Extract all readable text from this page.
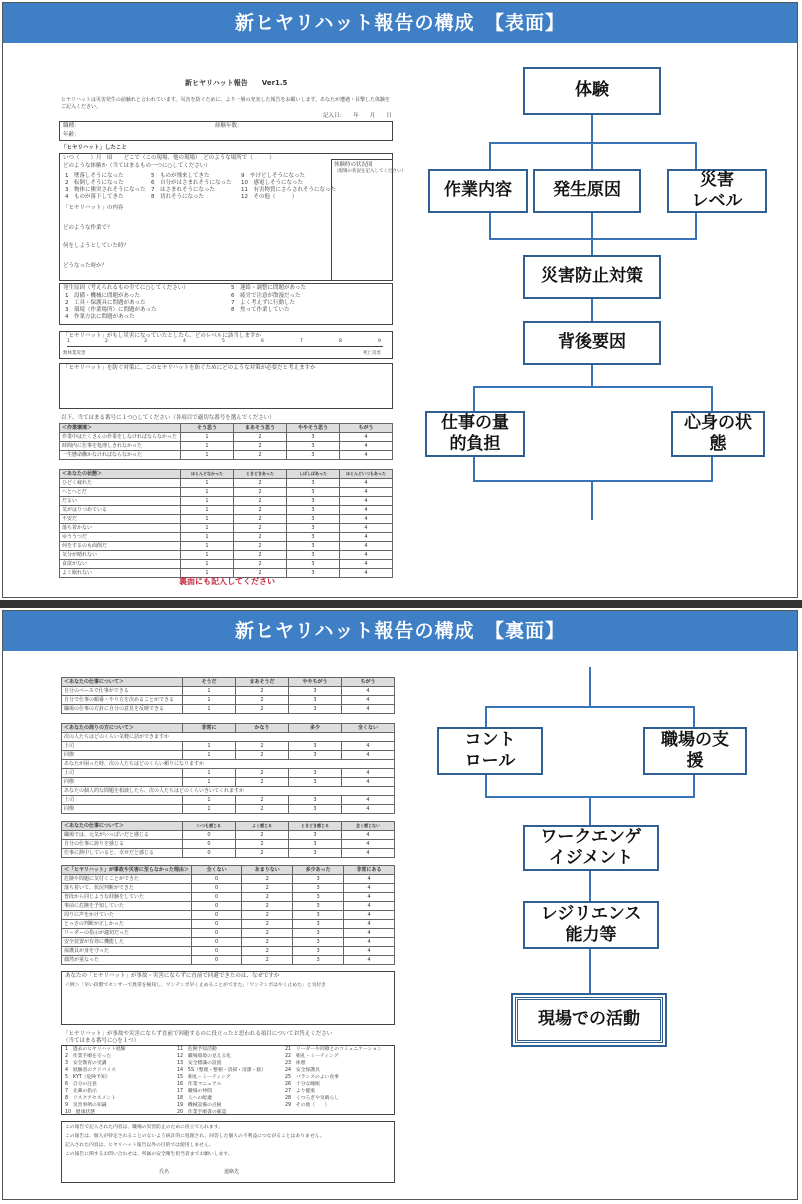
新ヒヤリハット報告の構成　【表面】
新ヒヤリハット報告　　Ver1.5
ヒヤリハットは災害発生の前触れと言われています。災害を防ぐために、より一層の充実した報告をお願いします。あなたが遭遇・目撃した体験をご記入ください。
記入日：　　年　　月　　日
職種：	経験年数：
年齢：
「ヒヤリハット」したこと
いつ（　　）月　頃　　どこで（この現場、他の現場）　どのような場所で（　　　）
どのような体験か（当てはまるもの一つに○してください）
1　墜落しそうになった
2　転倒しそうになった
3　物体に衝突されそうになった
4　ものが落下してきた
5　ものが飛来してきた
6　自分がはさまれそうになった
7　はさまれそうになった
8　切れそうになった
9　やけどしそうになった
10　感電しそうになった
11　有害物質にさらされそうになった
12　その他（　　　）
体験時の状況図
（現場の状況を記入してください）
「ヒヤリハット」の内容
どのような作業で？
何をしようとしていた時？
どうなった時か？
発生原因（考えられるもの全てに○してください）
1　設備・機械に問題があった
2　工具・保護具に問題があった
3　環境（作業場所）に問題があった
4　作業方法に問題があった
5　連絡・調整に問題があった
6　疲労で注意が散漫だった
7　よく考えずに行動した
8　焦って作業していた
「ヒヤリハット」がもし災害になっていたとしたら、どのレベルに該当しますか
1	2	3	4	5	6	7	8	9
無休業災害	死亡災害
「ヒヤリハット」を防ぐ対策に、このヒヤリハットを防ぐためにどのような対策が必要だと考えますか
以下、当てはまる番号に１つ○してください（各項目で適切な番号を選んでください）
＜作業環境＞	そう思う	まあそう思う	ややそう思う	ちがう
作業中はたくさんの作業をしなければならなかった	1	2	3	4
時間内に仕事を処理しきれなかった	1	2	3	4
一生懸命働かなければならなかった	1	2	3	4
＜あなたの状態＞	ほとんどなかった	ときどきあった	しばしばあった	ほとんどいつもあった
ひどく疲れた	1	2	3	4
へとへとだ	1	2	3	4
だるい	1	2	3	4
気がはりつめている	1	2	3	4
不安だ	1	2	3	4
落ち着かない	1	2	3	4
ゆううつだ	1	2	3	4
何をするのも面倒だ	1	2	3	4
気分が晴れない	1	2	3	4
食欲がない	1	2	3	4
よく眠れない	1	2	3	4
裏面にも記入してください
体験
作業内容	発生原因
災害
レベル
災害防止対策
背後要因
仕事の量
的負担
心身の状
態
新ヒヤリハット報告の構成　【裏面】
＜あなたの仕事について＞	そうだ	まあそうだ	ややちがう	ちがう
自分のペースで仕事ができる	1	2	3	4
自分で仕事の順番・やり方を決めることができる	1	2	3	4
職場の仕事の方針に自分の意見を反映できる	1	2	3	4
＜あなたの周りの方について＞	非常に	かなり	多少	全くない
次の人たちはどのくらい気軽に話ができますか				
上司	1	2	3	4
同僚	1	2	3	4
あなたが困った時、次の人たちはどのくらい頼りになりますか				
上司	1	2	3	4
同僚	1	2	3	4
あなたの個人的な問題を相談したら、次の人たちはどのくらいきいてくれますか				
上司	1	2	3	4
同僚	1	2	3	4
＜あなたの仕事について＞	いつも感じる	よく感じる	ときどき感じる	全く感じない
職場では、元気がいっぱいだと感じる	0	2	3	4
自分の仕事に誇りを感じる	0	2	3	4
仕事に熱中していると、幸せだと感じる	0	2	3	4
＜「ヒヤリハット」が事故や災害に至らなかった理由＞	全くない	あまりない	多少あった	非常にある
危険や問題に気付くことができた	0	2	3	4
落ち着いて、状況判断ができた	0	2	3	4
普段から同じような経験をしていた	0	2	3	4
事前に危険を予知していた	0	2	3	4
周りに声をかけていた	0	2	3	4
とっさの判断が正しかった	0	2	3	4
リーダーの指示が適切だった	0	2	3	4
安全装置が有効に機能した	0	2	3	4
保護具が身を守った	0	2	3	4
偶然が重なった	0	2	3	4
あなたの「ヒヤリハット」が事故・災害にならずに直前で回避できたのは、なぜですか
＜例＞「早い段階でセンサーで異常を検知し、ワンテンポ早く止めることができた」「ワンテンポはやく止めた」と気付き
「ヒヤリハット」が事故や災害にならず直前で回避するのに役立ったと思われる項目についてお答えください
（当てはまる番号に○を１つ）
1　過去のヒヤリハット経験
2　作業手順を守った
3　安全教育の受講
4　経験者のアドバイス
5　KYT（危険予知）
6　自分の注意
7　先輩の指示
8　リスクアセスメント
9　災害事例の知識
10　健康状態
11　危険予知活動
12　職場環境の見える化
13　安全標識の設置
14　5S（整理・整頓・清掃・清潔・躾）
15　朝礼・ミーティング
16　作業マニュアル
17　職場の仲間
18　人への配慮
19　機械設備の点検
20　作業手順書の確認
21　リーダーや同僚とのコミュニケーション
22　朝礼・ミーティング
23　休憩
24　安全保護具
25　バランスのよい食事
26　十分な睡眠
27　より健康
28　くつろぎや気晴らし
29　その他（　　）
この報告で記入された内容は、職場の災害防止のために役立てられます。
この報告は、個人が特定されることのないよう統計的に処理され、回答した個人の不利益につながることはありません。
記入された内容は、ヒヤリハット報告以外の目的では使用しません。
この報告に関するお問い合わせは、所属の安全衛生担当者までお願いします。
氏名　　　　　　　　　　　連絡先
コント
ロール
職場の支
援
ワークエンゲ
イジメント
レジリエンス
能力等
現場での活動
